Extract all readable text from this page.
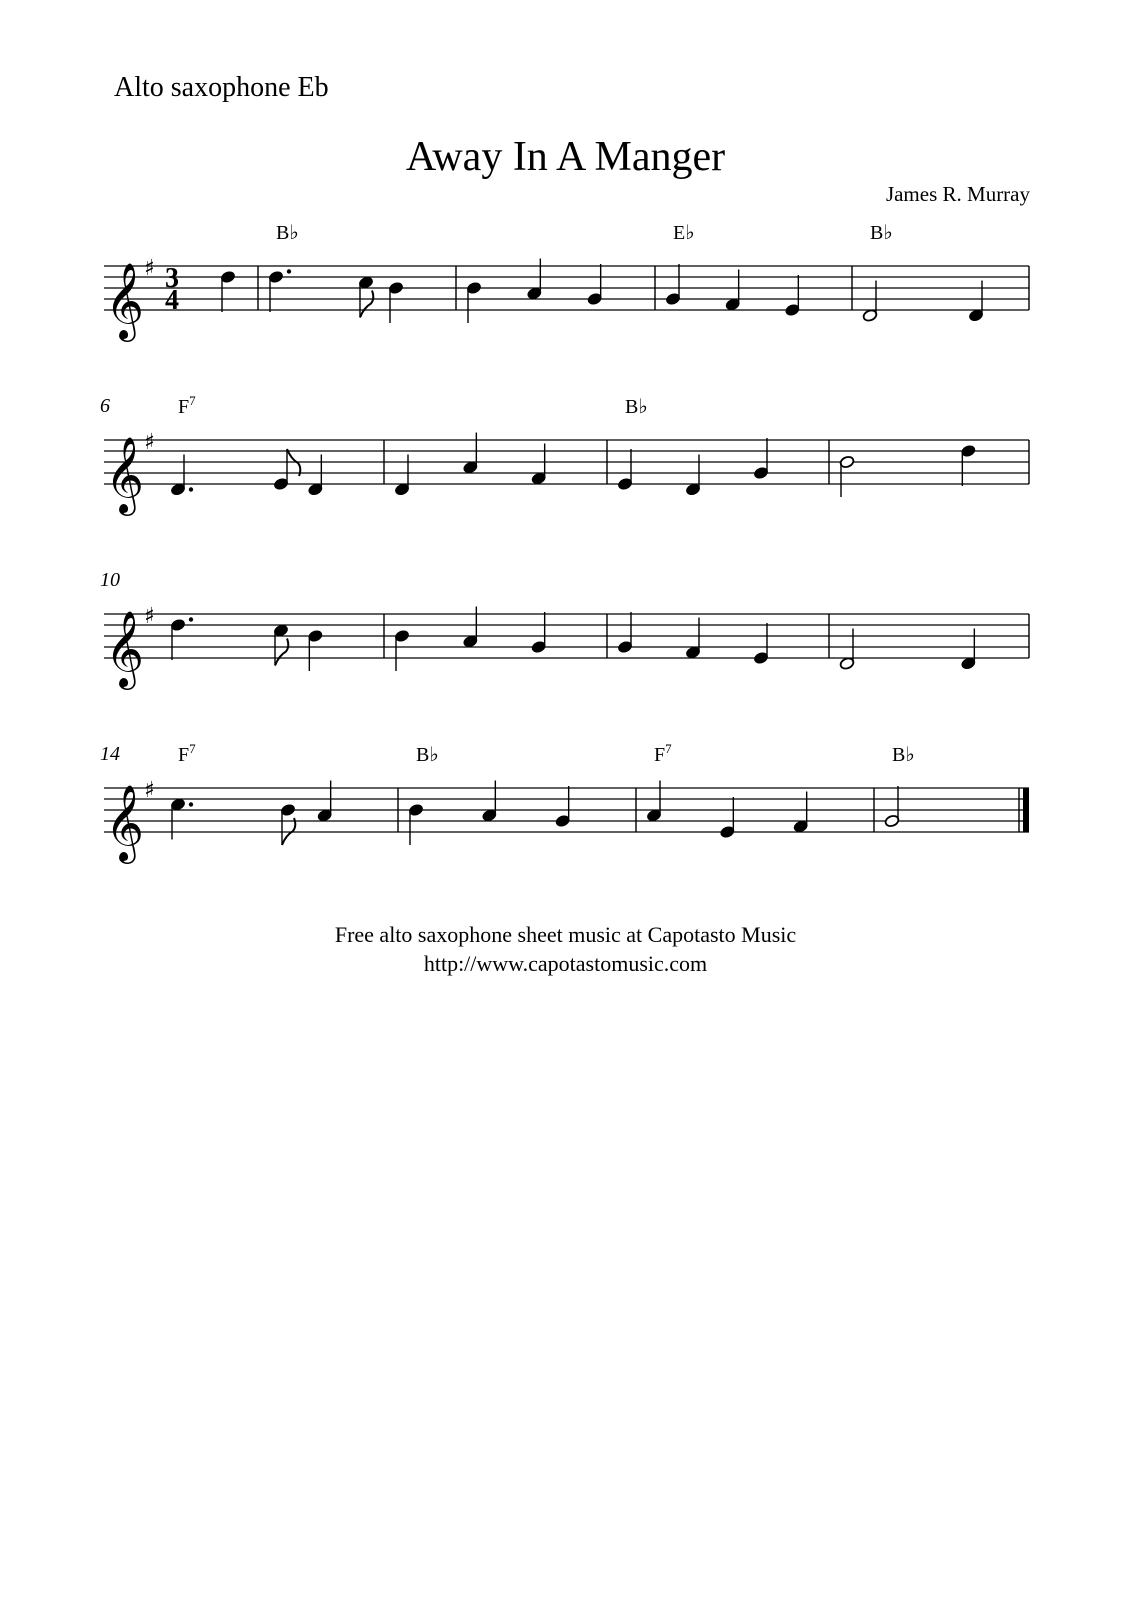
Alto saxophone Eb
Away In A Manger
James R. Murray
𝄞 ♯ 3
4
B♭	E♭	B♭
𝄞 ♯
6	$F^7$	B♭
𝄞 ♯
10
𝄞 ♯
14	$F^7$	B♭	$F^7$	B♭
Free alto saxophone sheet music at Capotasto Music
http://www.capotastomusic.com
